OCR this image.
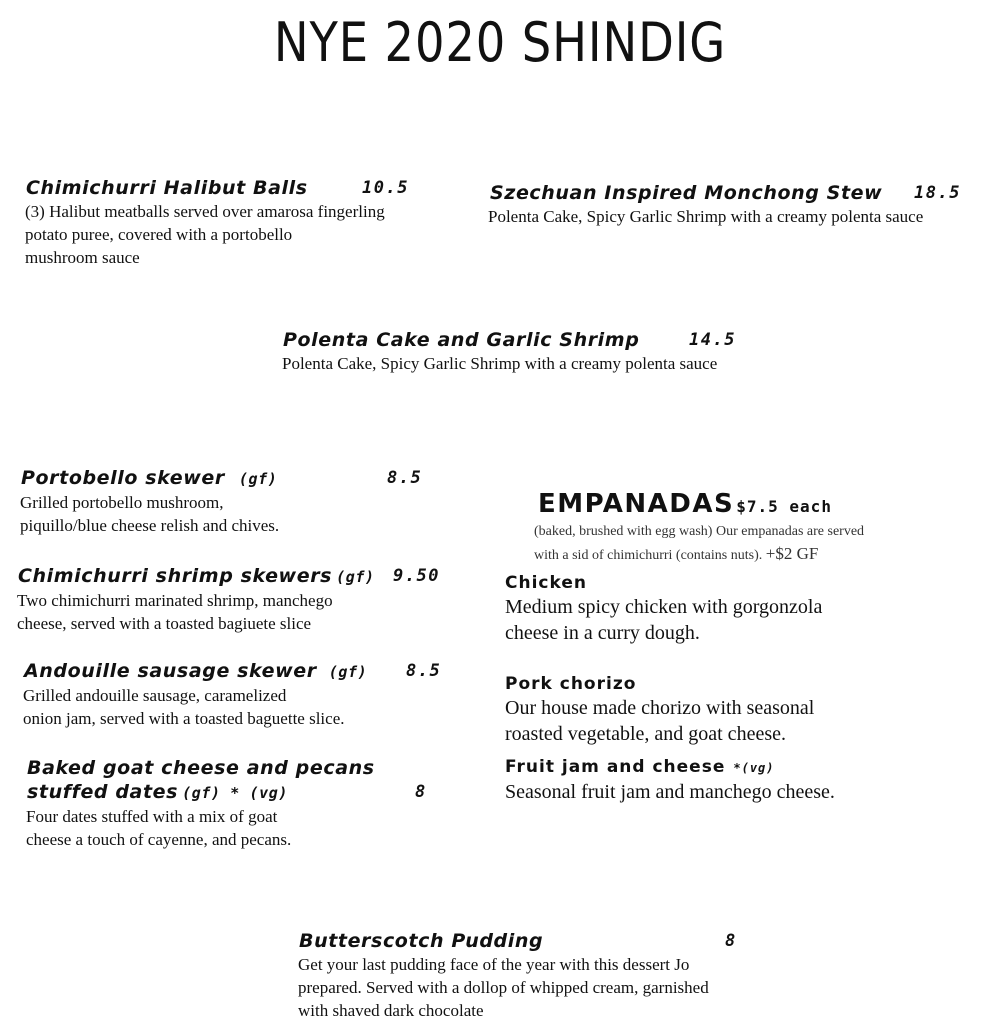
NYE 2020 SHINDIG
Chimichurri Halibut Balls	10.5
(3) Halibut meatballs served over amarosa fingerling
potato puree, covered with a portobello
mushroom sauce
Szechuan Inspired Monchong Stew	18.5
Polenta Cake, Spicy Garlic Shrimp with a creamy polenta sauce
Polenta Cake and Garlic Shrimp	14.5
Polenta Cake, Spicy Garlic Shrimp with a creamy polenta sauce
Portobello skewer (gf)	8.5
Grilled portobello mushroom,
piquillo/blue cheese relish and chives.
Chimichurri shrimp skewers (gf)	9.50
Two chimichurri marinated shrimp, manchego
cheese, served with a toasted bagiuete slice
Andouille sausage skewer (gf)	8.5
Grilled andouille sausage, caramelized
onion jam, served with a toasted baguette slice.
Baked goat cheese and pecans
stuffed dates (gf) * (vg)	8
Four dates stuffed with a mix of goat
cheese a touch of cayenne, and pecans.
EMPANADAS $7.5 each
(baked, brushed with egg wash) Our empanadas are served
with a sid of chimichurri (contains nuts). +$2 GF
Chicken
Medium spicy chicken with gorgonzola
cheese in a curry dough.
Pork chorizo
Our house made chorizo with seasonal
roasted vegetable, and goat cheese.
Fruit jam and cheese *(vg)
Seasonal fruit jam and manchego cheese.
Butterscotch Pudding	8
Get your last pudding face of the year with this dessert Jo
prepared. Served with a dollop of whipped cream, garnished
with shaved dark chocolate
